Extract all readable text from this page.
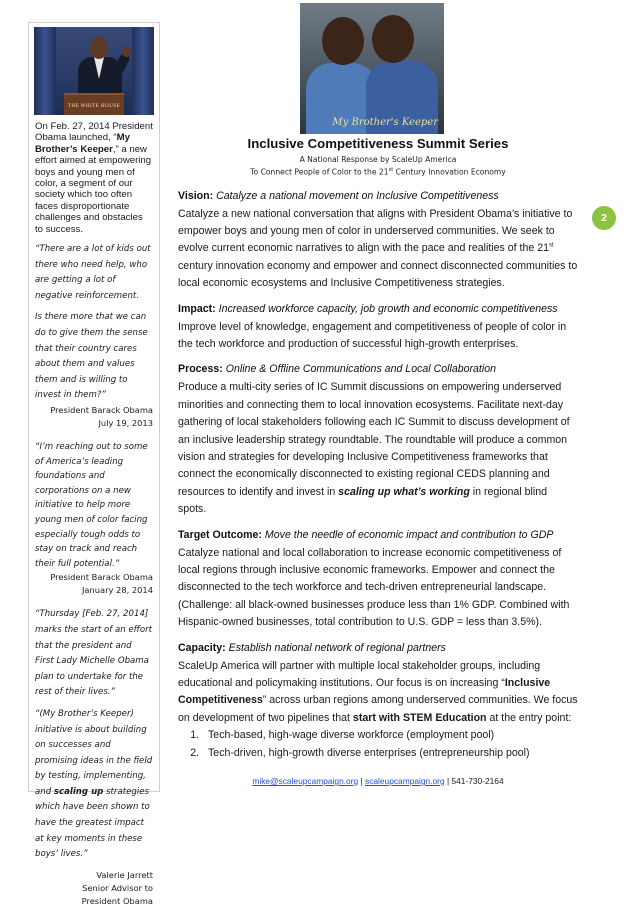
THE WHITE HOUSE

On Feb. 27, 2014 President Obama launched, “My Brother’s Keeper,” a new effort aimed at empowering boys and young men of color, a segment of our society which too often faces disproportionate challenges and obstacles to success.

“There are a lot of kids out there who need help, who are getting a lot of negative reinforcement.

Is there more that we can do to give them the sense that their country cares about them and values them and is willing to invest in them?”

President Barack Obama
July 19, 2013

“I’m reaching out to some of America’s leading foundations and corporations on a new initiative to help more young men of color facing especially tough odds to stay on track and reach their full potential.”

President Barack Obama
January 28, 2014

“Thursday [Feb. 27, 2014] marks the start of an effort that the president and First Lady Michelle Obama plan to undertake for the rest of their lives.”

“(My Brother’s Keeper) initiative is about building on successes and promising ideas in the field by testing, implementing, and scaling up strategies which have been shown to have the greatest impact at key moments in these boys’ lives.”

Valerie Jarrett
Senior Advisor to
President Obama
My Brother's Keeper
2
Inclusive Competitiveness Summit Series
A National Response by ScaleUp America
To Connect People of Color to the 21st Century Innovation Economy
Vision: Catalyze a national movement on Inclusive Competitiveness

Catalyze a new national conversation that aligns with President Obama’s initiative to empower boys and young men of color in underserved communities. We seek to evolve current economic narratives to align with the pace and realities of the 21st century innovation economy and empower and connect disconnected communities to local economic ecosystems and Inclusive Competitiveness strategies.

Impact: Increased workforce capacity, job growth and economic competitiveness

Improve level of knowledge, engagement and competitiveness of people of color in the tech workforce and production of successful high-growth enterprises.

Process: Online & Offline Communications and Local Collaboration

Produce a multi-city series of IC Summit discussions on empowering underserved minorities and connecting them to local innovation ecosystems. Facilitate next-day gathering of local stakeholders following each IC Summit to discuss development of an inclusive leadership strategy roundtable. The roundtable will produce a common vision and strategies for developing Inclusive Competitiveness frameworks that connect the economically disconnected to existing regional CEDS planning and resources to identify and invest in scaling up what’s working in regional blind spots.

Target Outcome: Move the needle of economic impact and contribution to GDP

Catalyze national and local collaboration to increase economic competitiveness of local regions through inclusive economic frameworks. Empower and connect the disconnected to the tech workforce and tech-driven entrepreneurial landscape. (Challenge: all black-owned businesses produce less than 1% GDP. Combined with Hispanic-owned businesses, total contribution to U.S. GDP = less than 3.5%).

Capacity: Establish national network of regional partners

ScaleUp America will partner with multiple local stakeholder groups, including educational and policymaking institutions. Our focus is on increasing “Inclusive Competitiveness” across urban regions among underserved communities. We focus on development of two pipelines that start with STEM Education at the entry point:

1. Tech-based, high-wage diverse workforce (employment pool)
2. Tech-driven, high-growth diverse enterprises (entrepreneurship pool)
mike@scaleupcampaign.org | scaleupcampaign.org | 541-730-2164
